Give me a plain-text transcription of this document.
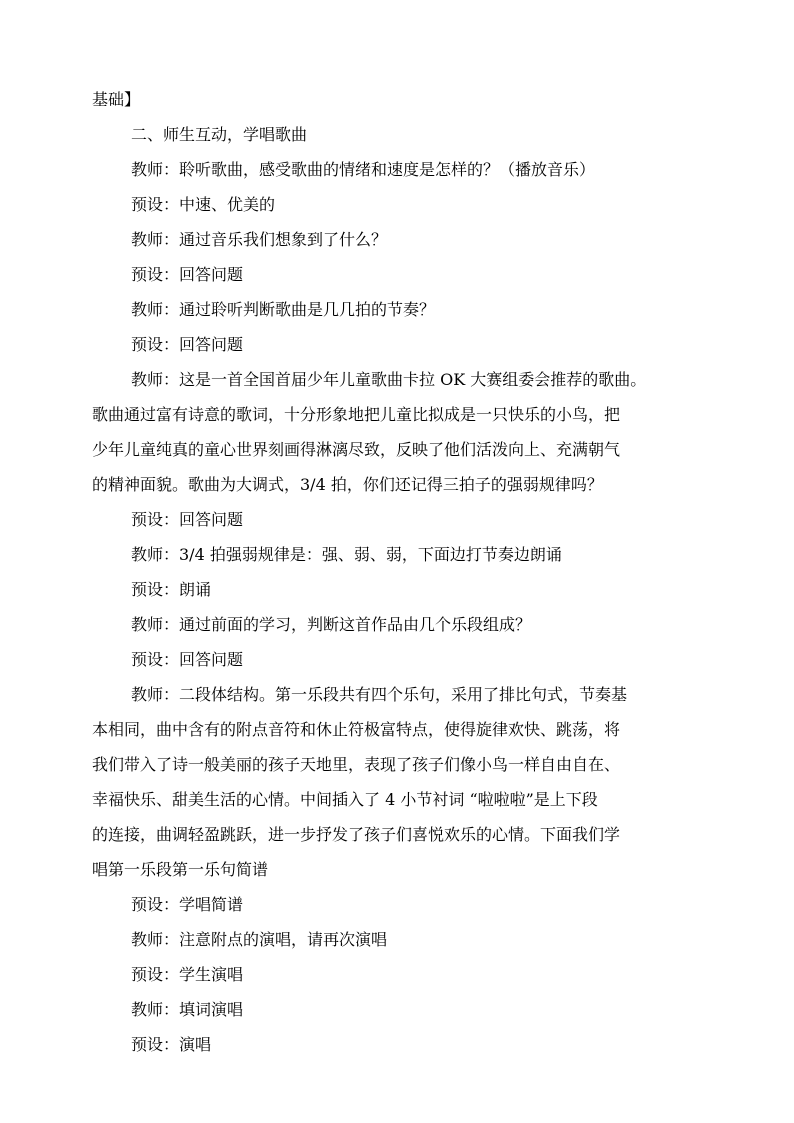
基础】

二、师生互动，学唱歌曲

教师：聆听歌曲，感受歌曲的情绪和速度是怎样的？（播放音乐）

预设：中速、优美的

教师：通过音乐我们想象到了什么？

预设：回答问题

教师：通过聆听判断歌曲是几几拍的节奏？

预设：回答问题

教师：这是一首全国首届少年儿童歌曲卡拉 OK 大赛组委会推荐的歌曲。
歌曲通过富有诗意的歌词，十分形象地把儿童比拟成是一只快乐的小鸟，把
少年儿童纯真的童心世界刻画得淋漓尽致，反映了他们活泼向上、充满朝气
的精神面貌。歌曲为大调式，3/4 拍，你们还记得三拍子的强弱规律吗？

预设：回答问题

教师：3/4 拍强弱规律是：强、弱、弱，下面边打节奏边朗诵

预设：朗诵

教师：通过前面的学习，判断这首作品由几个乐段组成？

预设：回答问题

教师：二段体结构。第一乐段共有四个乐句，采用了排比句式，节奏基
本相同，曲中含有的附点音符和休止符极富特点，使得旋律欢快、跳荡，将
我们带入了诗一般美丽的孩子天地里，表现了孩子们像小鸟一样自由自在、
幸福快乐、甜美生活的心情。中间插入了 4 小节衬词 “啦啦啦”是上下段
的连接，曲调轻盈跳跃，进一步抒发了孩子们喜悦欢乐的心情。下面我们学
唱第一乐段第一乐句简谱

预设：学唱简谱

教师：注意附点的演唱，请再次演唱

预设：学生演唱

教师：填词演唱

预设：演唱
